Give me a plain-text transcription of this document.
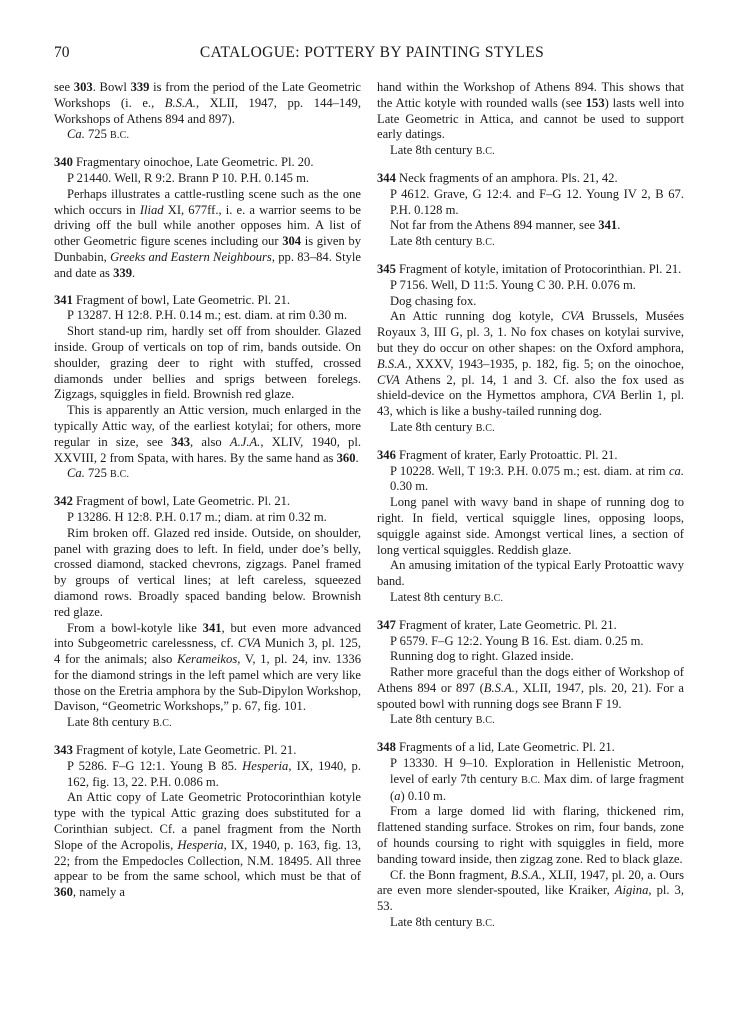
70	CATALOGUE: POTTERY BY PAINTING STYLES

see 303. Bowl 339 is from the period of the Late Geometric Workshops (i. e., B.S.A., XLII, 1947, pp. 144–149, Workshops of Athens 894 and 897).

Ca. 725 B.C.

340 Fragmentary oinochoe, Late Geometric. Pl. 20.

P 21440. Well, R 9:2. Brann P 10. P.H. 0.145 m.

Perhaps illustrates a cattle-rustling scene such as the one which occurs in Iliad XI, 677ff., i. e. a warrior seems to be driving off the bull while another opposes him. A list of other Geometric figure scenes including our 304 is given by Dunbabin, Greeks and Eastern Neighbours, pp. 83–84. Style and date as 339.

341 Fragment of bowl, Late Geometric. Pl. 21.

P 13287. H 12:8. P.H. 0.14 m.; est. diam. at rim 0.30 m.

Short stand-up rim, hardly set off from shoulder. Glazed inside. Group of verticals on top of rim, bands outside. On shoulder, grazing deer to right with stuffed, crossed diamonds under bellies and sprigs between forelegs. Zigzags, squiggles in field. Brownish red glaze.

This is apparently an Attic version, much enlarged in the typically Attic way, of the earliest kotylai; for others, more regular in size, see 343, also A.J.A., XLIV, 1940, pl. XXVIII, 2 from Spata, with hares. By the same hand as 360.

Ca. 725 B.C.

342 Fragment of bowl, Late Geometric. Pl. 21.

P 13286. H 12:8. P.H. 0.17 m.; diam. at rim 0.32 m.

Rim broken off. Glazed red inside. Outside, on shoulder, panel with grazing does to left. In field, under doe’s belly, crossed diamond, stacked chevrons, zigzags. Panel framed by groups of vertical lines; at left careless, squeezed diamond rows. Broadly spaced banding below. Brownish red glaze.

From a bowl-kotyle like 341, but even more advanced into Subgeometric carelessness, cf. CVA Munich 3, pl. 125, 4 for the animals; also Kerameikos, V, 1, pl. 24, inv. 1336 for the diamond strings in the left pamel which are very like those on the Eretria amphora by the Sub-Dipylon Workshop, Davison, “Geometric Workshops,” p. 67, fig. 101.

Late 8th century B.C.

343 Fragment of kotyle, Late Geometric. Pl. 21.

P 5286. F–G 12:1. Young B 85. Hesperia, IX, 1940, p. 162, fig. 13, 22. P.H. 0.086 m.

An Attic copy of Late Geometric Protocorinthian kotyle type with the typical Attic grazing does substituted for a Corinthian subject. Cf. a panel fragment from the North Slope of the Acropolis, Hesperia, IX, 1940, p. 163, fig. 13, 22; from the Empedocles Collection, N.M. 18495. All three appear to be from the same school, which must be that of 360, namely a

hand within the Workshop of Athens 894. This shows that the Attic kotyle with rounded walls (see 153) lasts well into Late Geometric in Attica, and cannot be used to support early datings.

Late 8th century B.C.

344 Neck fragments of an amphora. Pls. 21, 42.

P 4612. Grave, G 12:4. and F–G 12. Young IV 2, B 67. P.H. 0.128 m.

Not far from the Athens 894 manner, see 341.

Late 8th century B.C.

345 Fragment of kotyle, imitation of Protocorinthian. Pl. 21.

P 7156. Well, D 11:5. Young C 30. P.H. 0.076 m.

Dog chasing fox.

An Attic running dog kotyle, CVA Brussels, Musées Royaux 3, III G, pl. 3, 1. No fox chases on kotylai survive, but they do occur on other shapes: on the Oxford amphora, B.S.A., XXXV, 1943–1935, p. 182, fig. 5; on the oinochoe, CVA Athens 2, pl. 14, 1 and 3. Cf. also the fox used as shield-device on the Hymettos amphora, CVA Berlin 1, pl. 43, which is like a bushy-tailed running dog.

Late 8th century B.C.

346 Fragment of krater, Early Protoattic. Pl. 21.

P 10228. Well, T 19:3. P.H. 0.075 m.; est. diam. at rim ca. 0.30 m.

Long panel with wavy band in shape of running dog to right. In field, vertical squiggle lines, opposing loops, squiggle against side. Amongst vertical lines, a section of long vertical squiggles. Reddish glaze.

An amusing imitation of the typical Early Protoattic wavy band.

Latest 8th century B.C.

347 Fragment of krater, Late Geometric. Pl. 21.

P 6579. F–G 12:2. Young B 16. Est. diam. 0.25 m.

Running dog to right. Glazed inside.

Rather more graceful than the dogs either of Workshop of Athens 894 or 897 (B.S.A., XLII, 1947, pls. 20, 21). For a spouted bowl with running dogs see Brann F 19.

Late 8th century B.C.

348 Fragments of a lid, Late Geometric. Pl. 21.

P 13330. H 9–10. Exploration in Hellenistic Metroon, level of early 7th century B.C. Max dim. of large fragment (a) 0.10 m.

From a large domed lid with flaring, thickened rim, flattened standing surface. Strokes on rim, four bands, zone of hounds coursing to right with squiggles in field, more banding toward inside, then zigzag zone. Red to black glaze.

Cf. the Bonn fragment, B.S.A., XLII, 1947, pl. 20, a. Ours are even more slender-spouted, like Kraiker, Aigina, pl. 3, 53.

Late 8th century B.C.
